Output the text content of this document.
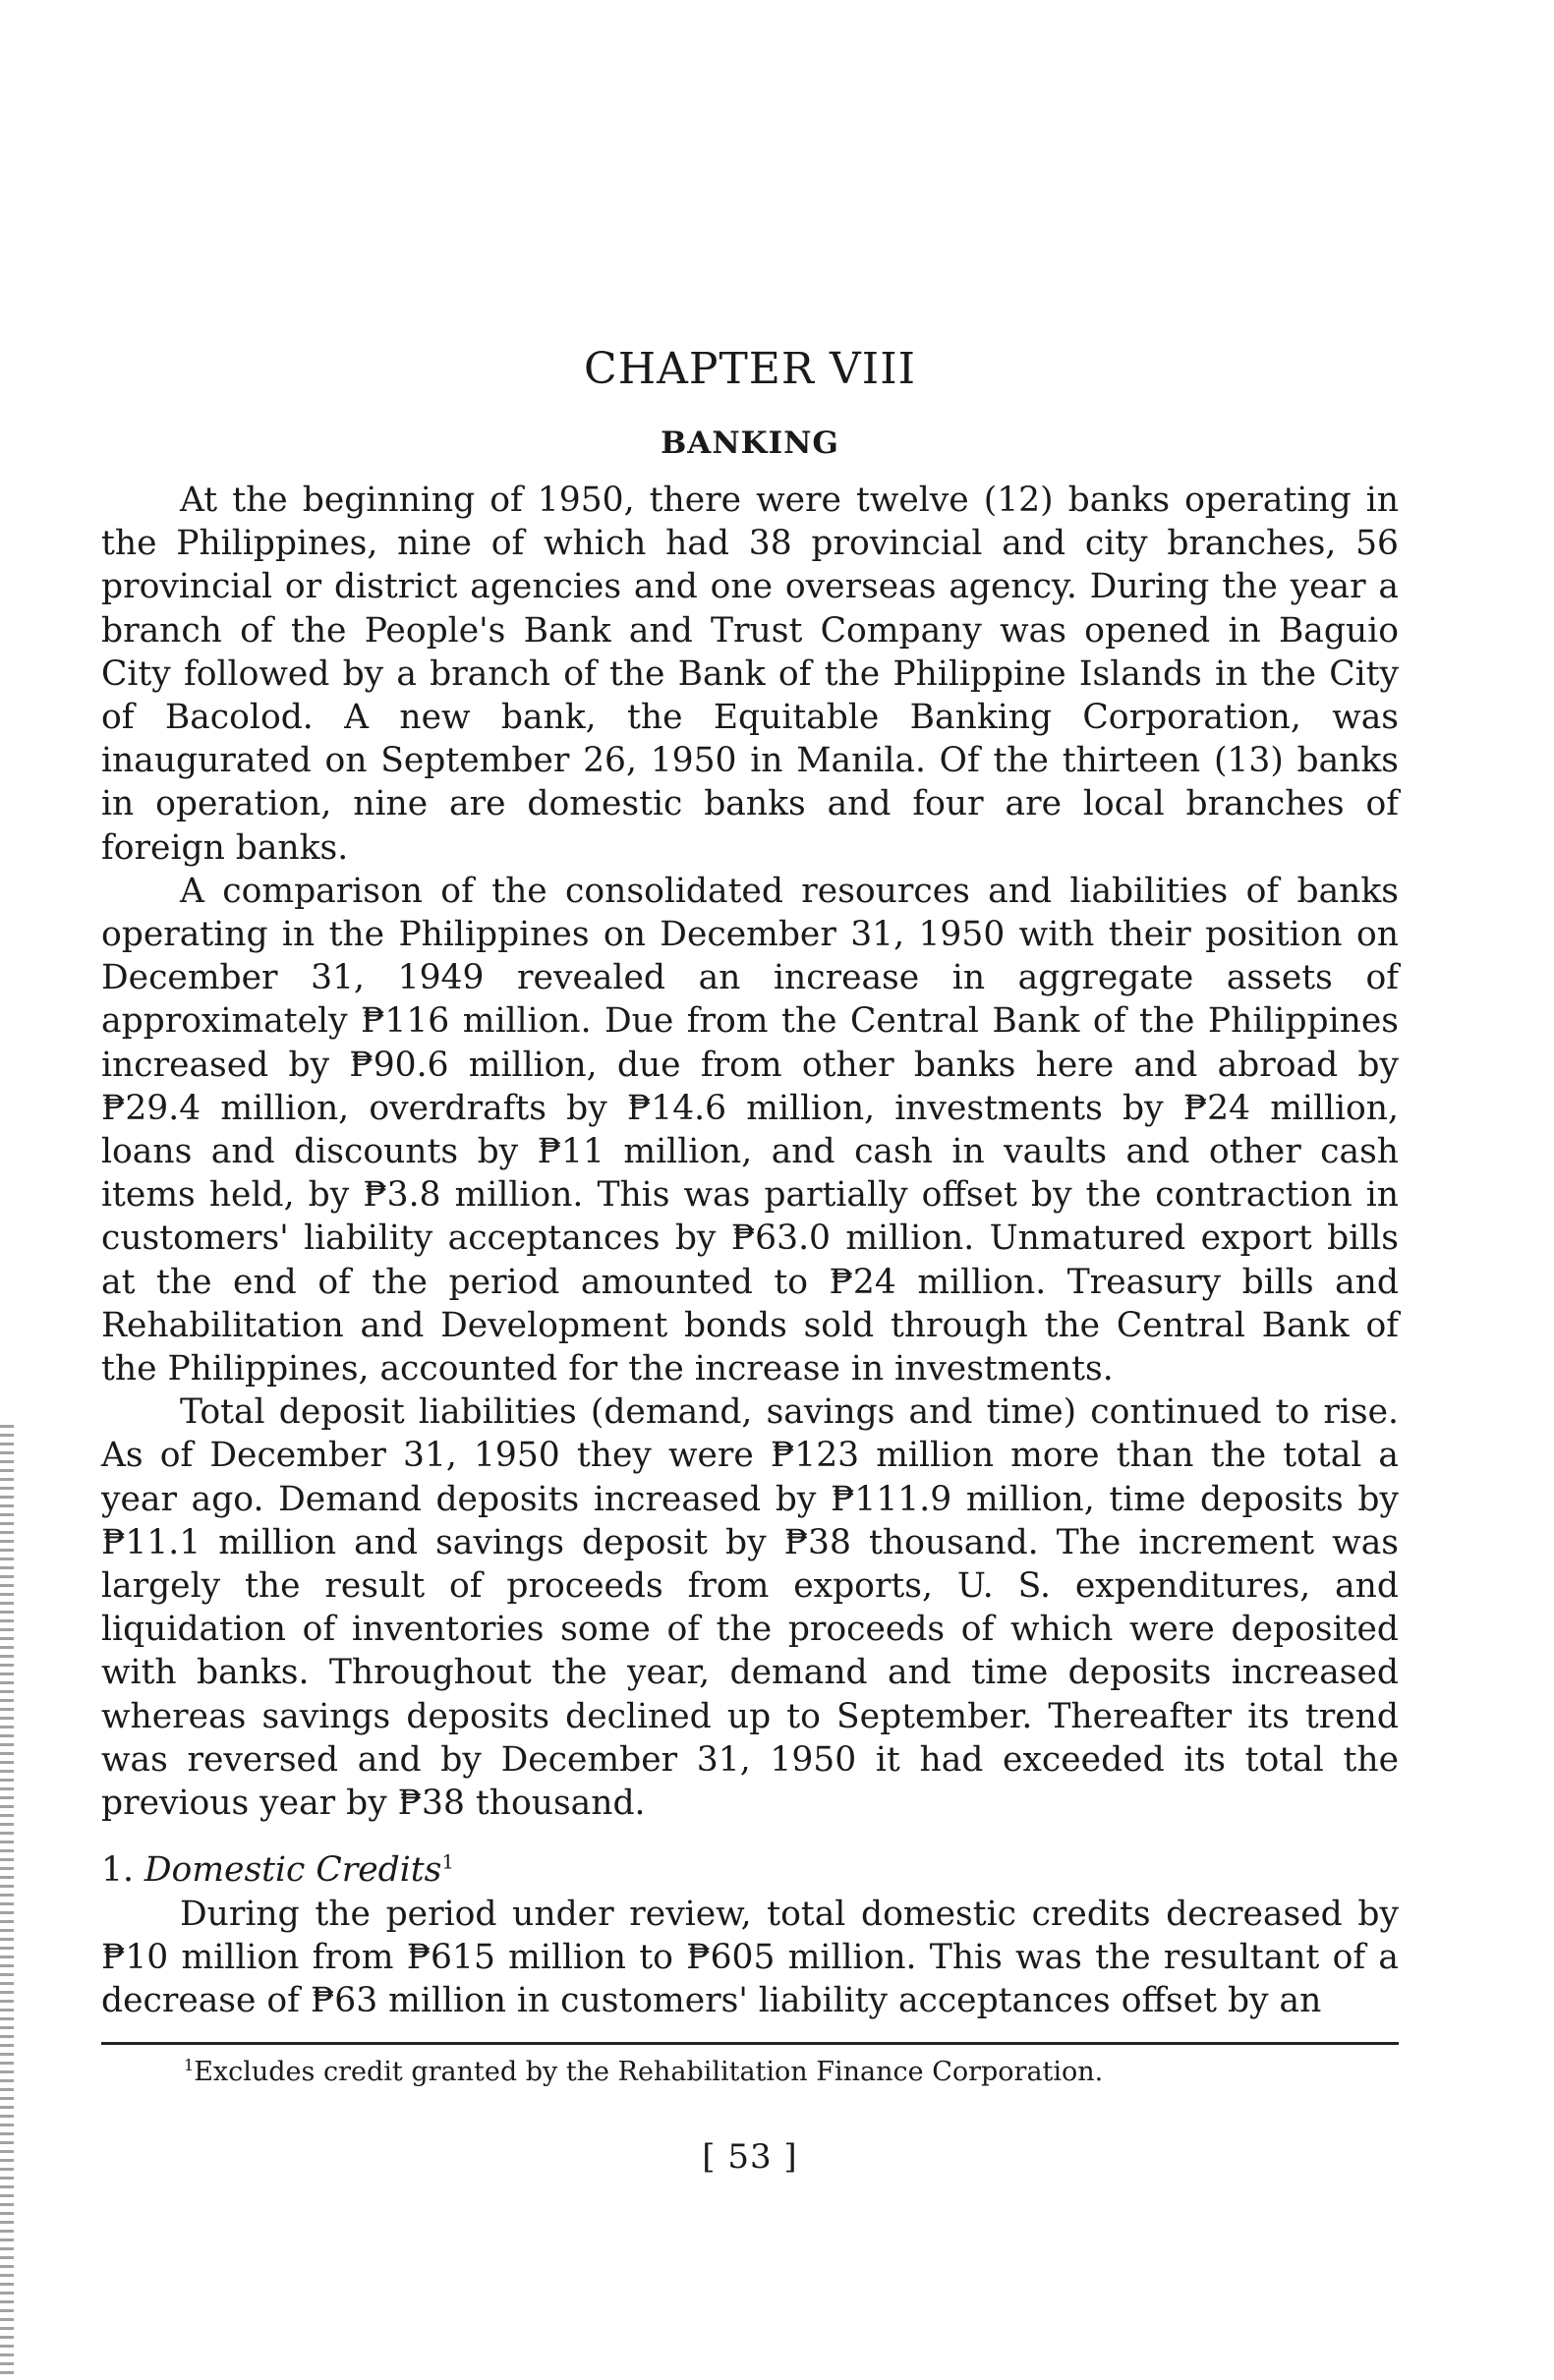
CHAPTER VIII
BANKING

At the beginning of 1950, there were twelve (12) banks operating in the Philippines, nine of which had 38 provincial and city branches, 56 provincial or district agencies and one overseas agency. During the year a branch of the People's Bank and Trust Company was opened in Baguio City followed by a branch of the Bank of the Philippine Islands in the City of Bacolod. A new bank, the Equitable Banking Corporation, was inaugurated on September 26, 1950 in Manila. Of the thirteen (13) banks in operation, nine are domestic banks and four are local branches of foreign banks.

A comparison of the consolidated resources and liabilities of banks operating in the Philippines on December 31, 1950 with their position on December 31, 1949 revealed an increase in aggregate assets of approximately ₱116 million. Due from the Central Bank of the Philippines increased by ₱90.6 million, due from other banks here and abroad by ₱29.4 million, overdrafts by ₱14.6 million, investments by ₱24 million, loans and discounts by ₱11 million, and cash in vaults and other cash items held, by ₱3.8 million. This was partially offset by the contraction in customers' liability acceptances by ₱63.0 million. Unmatured export bills at the end of the period amounted to ₱24 million. Treasury bills and Rehabilitation and Development bonds sold through the Central Bank of the Philippines, accounted for the increase in investments.

Total deposit liabilities (demand, savings and time) continued to rise. As of December 31, 1950 they were ₱123 million more than the total a year ago. Demand deposits increased by ₱111.9 million, time deposits by ₱11.1 million and savings deposit by ₱38 thousand. The increment was largely the result of proceeds from exports, U. S. expenditures, and liquidation of inventories some of the proceeds of which were deposited with banks. Throughout the year, demand and time deposits increased whereas savings deposits declined up to September. Thereafter its trend was reversed and by December 31, 1950 it had exceeded its total the previous year by ₱38 thousand.

1. Domestic Credits$^1$

During the period under review, total domestic credits decreased by ₱10 million from ₱615 million to ₱605 million. This was the resultant of a decrease of ₱63 million in customers' liability acceptances offset by an

$^1$Excludes credit granted by the Rehabilitation Finance Corporation.

[ 53 ]
